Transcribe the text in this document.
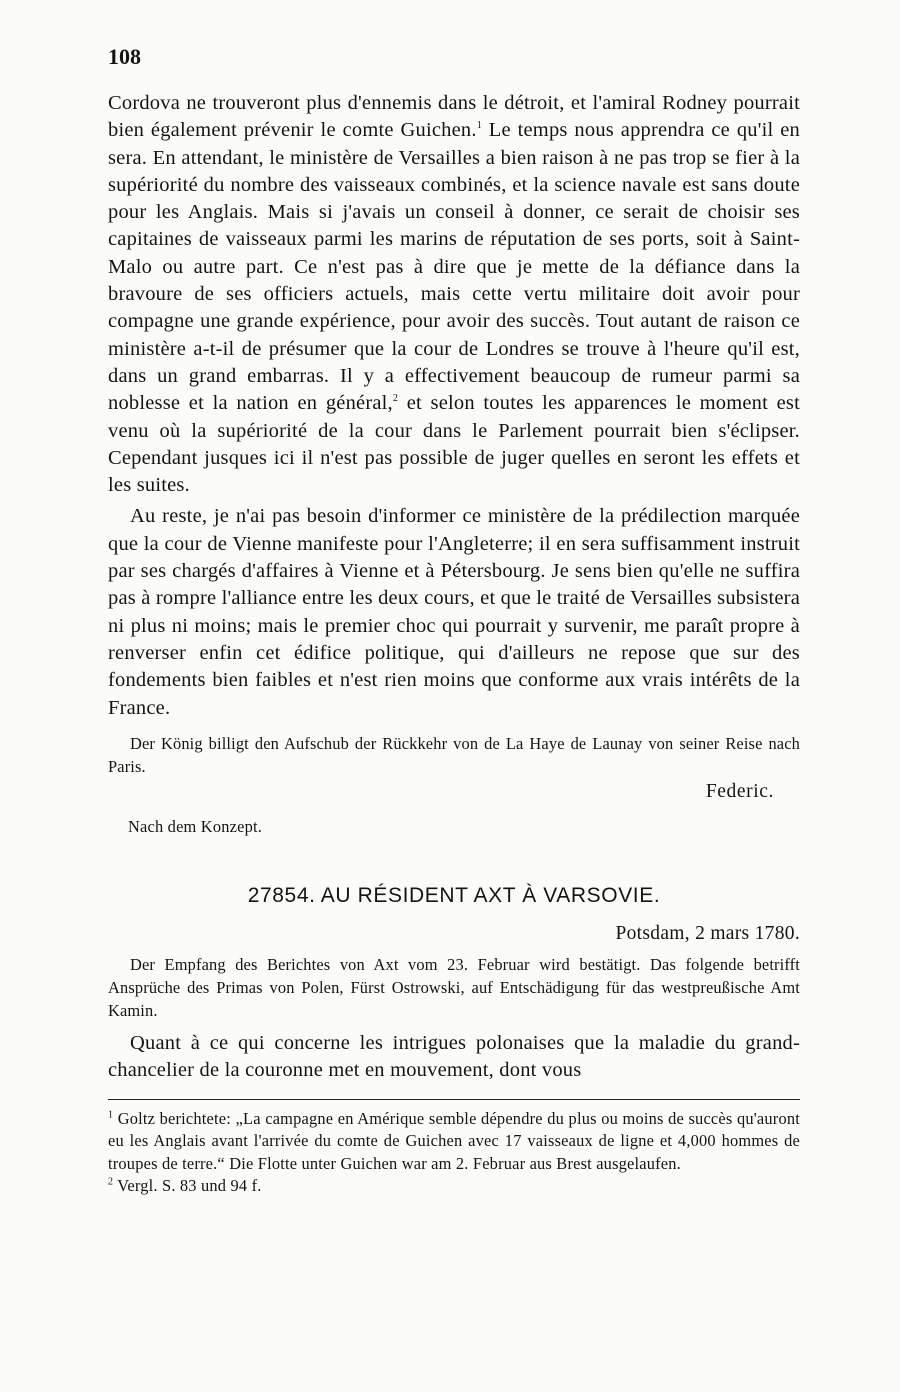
108

Cordova ne trouveront plus d'ennemis dans le détroit, et l'amiral Rodney pourrait bien également prévenir le comte Guichen.$^1$ Le temps nous apprendra ce qu'il en sera. En attendant, le ministère de Versailles a bien raison à ne pas trop se fier à la supériorité du nombre des vaisseaux combinés, et la science navale est sans doute pour les Anglais. Mais si j'avais un conseil à donner, ce serait de choisir ses capitaines de vaisseaux parmi les marins de réputation de ses ports, soit à Saint-Malo ou autre part. Ce n'est pas à dire que je mette de la défiance dans la bravoure de ses officiers actuels, mais cette vertu militaire doit avoir pour compagne une grande expérience, pour avoir des succès. Tout autant de raison ce ministère a-t-il de présumer que la cour de Londres se trouve à l'heure qu'il est, dans un grand embarras. Il y a effectivement beaucoup de rumeur parmi sa noblesse et la nation en général,$^2$ et selon toutes les apparences le moment est venu où la supériorité de la cour dans le Parlement pourrait bien s'éclipser. Cependant jusques ici il n'est pas possible de juger quelles en seront les effets et les suites.

Au reste, je n'ai pas besoin d'informer ce ministère de la prédilection marquée que la cour de Vienne manifeste pour l'Angleterre; il en sera suffisamment instruit par ses chargés d'affaires à Vienne et à Pétersbourg. Je sens bien qu'elle ne suffira pas à rompre l'alliance entre les deux cours, et que le traité de Versailles subsistera ni plus ni moins; mais le premier choc qui pourrait y survenir, me paraît propre à renverser enfin cet édifice politique, qui d'ailleurs ne repose que sur des fondements bien faibles et n'est rien moins que conforme aux vrais intérêts de la France.

Der König billigt den Aufschub der Rückkehr von de La Haye de Launay von seiner Reise nach Paris.

Federic.
Nach dem Konzept.
27854. AU RÉSIDENT AXT À VARSOVIE.
Potsdam, 2 mars 1780.

Der Empfang des Berichtes von Axt vom 23. Februar wird bestätigt. Das folgende betrifft Ansprüche des Primas von Polen, Fürst Ostrowski, auf Entschädigung für das westpreußische Amt Kamin.

Quant à ce qui concerne les intrigues polonaises que la maladie du grand-chancelier de la couronne met en mouvement, dont vous

$^1$ Goltz berichtete: „La campagne en Amérique semble dépendre du plus ou moins de succès qu'auront eu les Anglais avant l'arrivée du comte de Guichen avec 17 vaisseaux de ligne et 4,000 hommes de troupes de terre.“ Die Flotte unter Guichen war am 2. Februar aus Brest ausgelaufen.

$^2$ Vergl. S. 83 und 94 f.
